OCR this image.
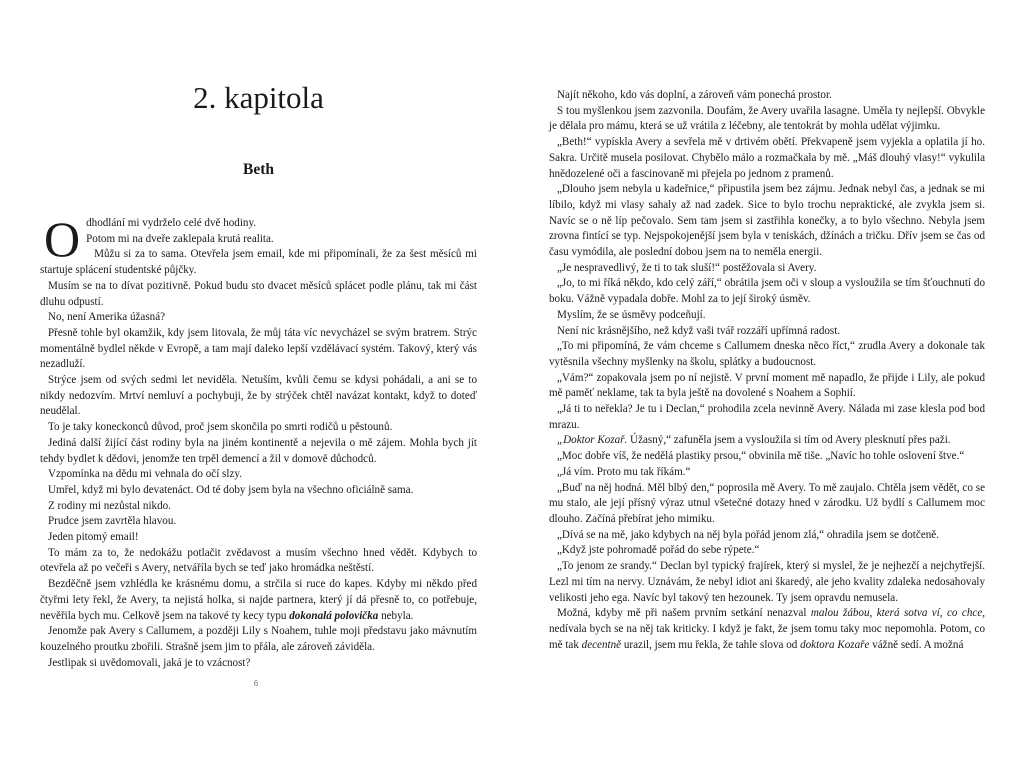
2. kapitola
Beth

Odhodlání mi vydrželo celé dvě hodiny.

Potom mi na dveře zaklepala krutá realita.

Můžu si za to sama. Otevřela jsem email, kde mi připomínali, že za šest měsíců mi startuje splácení studentské půjčky.

Musím se na to dívat pozitivně. Pokud budu sto dvacet měsíců splácet podle plánu, tak mi část dluhu odpustí.

No, není Amerika úžasná?

Přesně tohle byl okamžik, kdy jsem litovala, že můj táta víc nevycházel se svým bratrem. Strýc momentálně bydlel někde v Evropě, a tam mají daleko lepší vzdělávací systém. Takový, který vás nezadluží.

Strýce jsem od svých sedmi let neviděla. Netuším, kvůli čemu se kdysi pohádali, a ani se to nikdy nedozvím. Mrtví nemluví a pochybuji, že by strýček chtěl navázat kontakt, když to doteď neudělal.

To je taky koneckonců důvod, proč jsem skončila po smrti rodičů u pěstounů.

Jediná další žijící část rodiny byla na jiném kontinentě a nejevila o mě zájem. Mohla bych jít tehdy bydlet k dědovi, jenomže ten trpěl demencí a žil v domově důchodců.

Vzpomínka na dědu mi vehnala do očí slzy.

Umřel, když mi bylo devatenáct. Od té doby jsem byla na všechno oficiálně sama.

Z rodiny mi nezůstal nikdo.

Prudce jsem zavrtěla hlavou.

Jeden pitomý email!

To mám za to, že nedokážu potlačit zvědavost a musím všechno hned vědět. Kdybych to otevřela až po večeři s Avery, netváříla bych se teď jako hromádka neštěstí.

Bezděčně jsem vzhlédla ke krásnému domu, a strčila si ruce do kapes. Kdyby mi někdo před čtyřmi lety řekl, že Avery, ta nejistá holka, si najde partnera, který jí dá přesně to, co potřebuje, nevěřila bych mu. Celkově jsem na takové ty kecy typu dokonalá polovička nebyla.

Jenomže pak Avery s Callumem, a později Lily s Noahem, tuhle moji představu jako mávnutím kouzelného proutku zbořili. Strašně jsem jim to přála, ale zároveň záviděla.

Jestlipak si uvědomovali, jaká je to vzácnost?

6

Najít někoho, kdo vás doplní, a zároveň vám ponechá prostor.

S tou myšlenkou jsem zazvonila. Doufám, že Avery uvařila lasagne. Uměla ty nejlepší. Obvykle je dělala pro mámu, která se už vrátila z léčebny, ale tentokrát by mohla udělat výjimku.

„Beth!“ vypískla Avery a sevřela mě v drtivém obětí. Překvapeně jsem vyjekla a oplatila jí ho. Sakra. Určitě musela posilovat. Chybělo málo a rozmačkala by mě. „Máš dlouhý vlasy!“ vykulila hnědozelené oči a fascinovaně mi přejela po jednom z pramenů.

„Dlouho jsem nebyla u kadeřnice,“ připustila jsem bez zájmu. Jednak nebyl čas, a jednak se mi líbilo, když mi vlasy sahaly až nad zadek. Sice to bylo trochu nepraktické, ale zvykla jsem si. Navíc se o ně líp pečovalo. Sem tam jsem si zastřihla konečky, a to bylo všechno. Nebyla jsem zrovna fintící se typ. Nejspokojenější jsem byla v teniskách, džínách a tričku. Dřív jsem se čas od času vymódila, ale poslední dobou jsem na to neměla energii.

„Je nespravedlivý, že ti to tak sluší!“ postěžovala si Avery.

„Jo, to mi říká někdo, kdo celý září,“ obrátila jsem oči v sloup a vysloužila se tím šťouchnutí do boku. Vážně vypadala dobře. Mohl za to její široký úsměv.

Myslím, že se úsměvy podceňují.

Není nic krásnějšího, než když vaši tvář rozzáří upřímná radost.

„To mi připomíná, že vám chceme s Callumem dneska něco říct,“ zrudla Avery a dokonale tak vytěsnila všechny myšlenky na školu, splátky a budoucnost.

„Vám?“ zopakovala jsem po ní nejistě. V první moment mě napadlo, že přijde i Lily, ale pokud mě paměť neklame, tak ta byla ještě na dovolené s Noahem a Sophií.

„Já ti to neřekla? Je tu i Declan,“ prohodila zcela nevinně Avery. Nálada mi zase klesla pod bod mrazu.

„Doktor Kozař. Úžasný,“ zafuněla jsem a vysloužila si tím od Avery plesknutí přes paži.

„Moc dobře víš, že nedělá plastiky prsou,“ obvinila mě tiše. „Navíc ho tohle oslovení štve.“

„Já vím. Proto mu tak říkám.“

„Buď na něj hodná. Měl blbý den,“ poprosila mě Avery. To mě zaujalo. Chtěla jsem vědět, co se mu stalo, ale její přísný výraz utnul všetečné dotazy hned v zárodku. Už bydlí s Callumem moc dlouho. Začíná přebírat jeho mimiku.

„Dívá se na mě, jako kdybych na něj byla pořád jenom zlá,“ ohradila jsem se dotčeně.

„Když jste pohromadě pořád do sebe rýpete.“

„To jenom ze srandy.“ Declan byl typický frajírek, který si myslel, že je nejhezčí a nejchytřejší. Lezl mi tím na nervy. Uznávám, že nebyl idiot ani škaredý, ale jeho kvality zdaleka nedosahovaly velikosti jeho ega. Navíc byl takový ten hezounek. Ty jsem opravdu nemusela.

Možná, kdyby mě při našem prvním setkání nenazval malou žábou, která sotva ví, co chce, nedívala bych se na něj tak kriticky. I když je fakt, že jsem tomu taky moc nepomohla. Potom, co mě tak decentně urazil, jsem mu řekla, že tahle slova od doktora Kozaře vážně sedí. A možná
